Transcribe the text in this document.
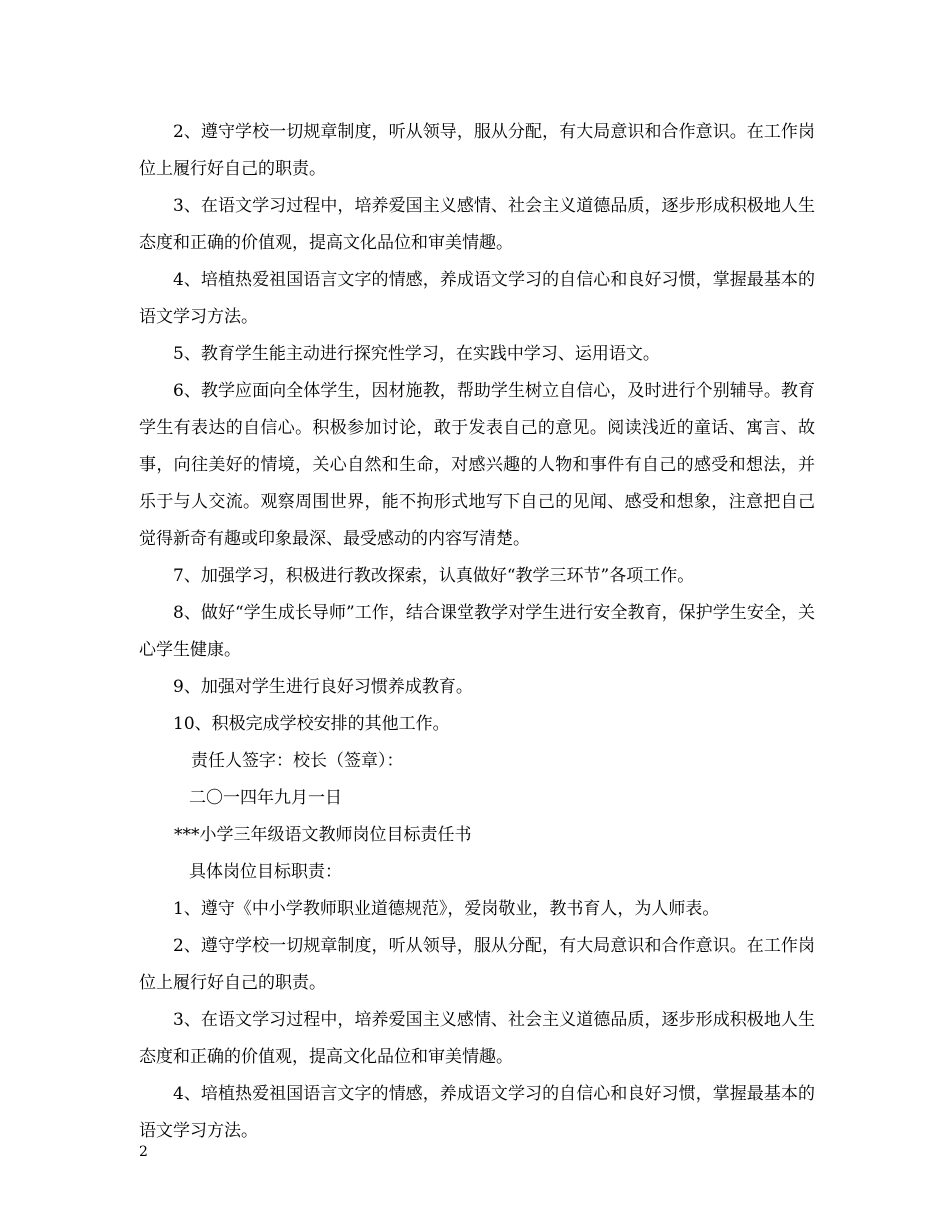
2、遵守学校一切规章制度，听从领导，服从分配，有大局意识和合作意识。在工作岗位上履行好自己的职责。

3、在语文学习过程中，培养爱国主义感情、社会主义道德品质，逐步形成积极地人生态度和正确的价值观，提高文化品位和审美情趣。

4、培植热爱祖国语言文字的情感，养成语文学习的自信心和良好习惯，掌握最基本的语文学习方法。

5、教育学生能主动进行探究性学习，在实践中学习、运用语文。

6、教学应面向全体学生，因材施教，帮助学生树立自信心，及时进行个别辅导。教育学生有表达的自信心。积极参加讨论，敢于发表自己的意见。阅读浅近的童话、寓言、故事，向往美好的情境，关心自然和生命，对感兴趣的人物和事件有自己的感受和想法，并乐于与人交流。观察周围世界，能不拘形式地写下自己的见闻、感受和想象，注意把自己觉得新奇有趣或印象最深、最受感动的内容写清楚。

7、加强学习，积极进行教改探索，认真做好“教学三环节”各项工作。

8、做好“学生成长导师”工作，结合课堂教学对学生进行安全教育，保护学生安全，关心学生健康。

9、加强对学生进行良好习惯养成教育。

10、积极完成学校安排的其他工作。

责任人签字：校长（签章）：

二〇一四年九月一日

***小学三年级语文教师岗位目标责任书

具体岗位目标职责：

1、遵守《中小学教师职业道德规范》，爱岗敬业，教书育人，为人师表。

2、遵守学校一切规章制度，听从领导，服从分配，有大局意识和合作意识。在工作岗位上履行好自己的职责。

3、在语文学习过程中，培养爱国主义感情、社会主义道德品质，逐步形成积极地人生态度和正确的价值观，提高文化品位和审美情趣。

4、培植热爱祖国语言文字的情感，养成语文学习的自信心和良好习惯，掌握最基本的语文学习方法。

2
